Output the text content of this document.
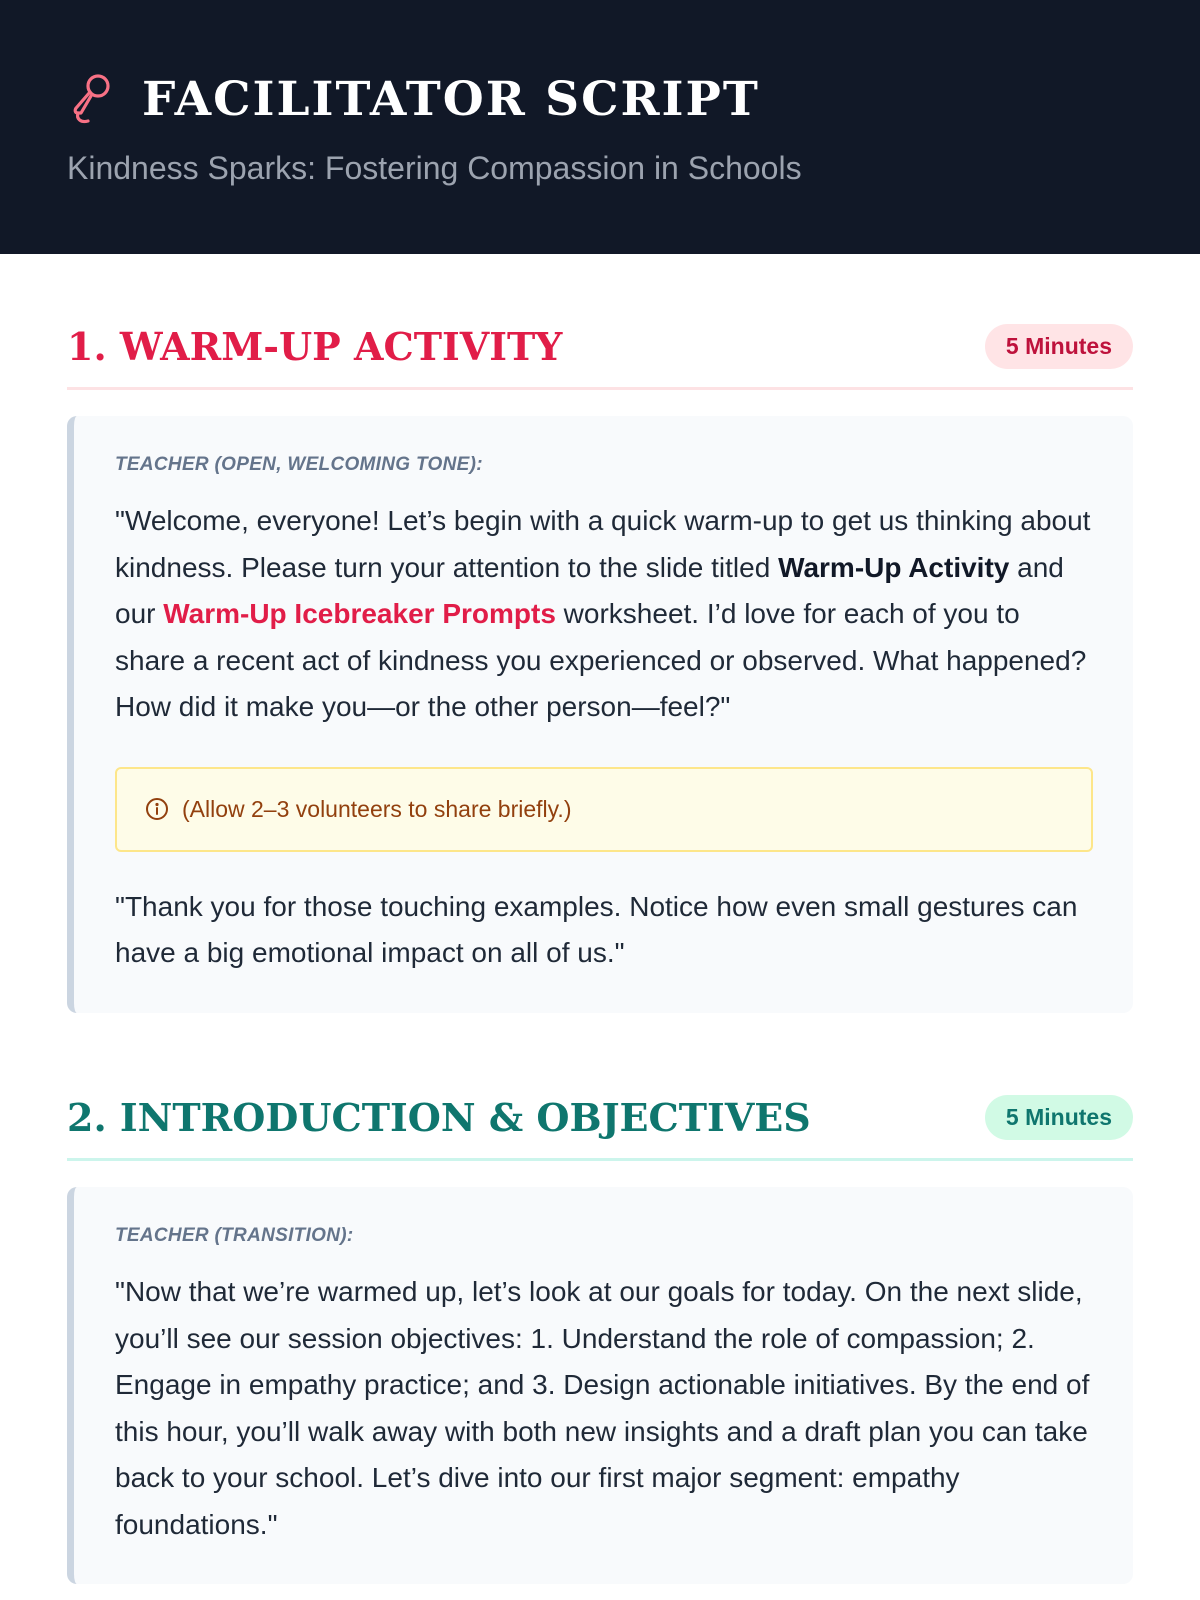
FACILITATOR SCRIPT
Kindness Sparks: Fostering Compassion in Schools
1. WARM-UP ACTIVITY	5 Minutes
TEACHER (OPEN, WELCOMING TONE):

"Welcome, everyone! Let’s begin with a quick warm-up to get us thinking about kindness. Please turn your attention to the slide titled Warm-Up Activity and our Warm-Up Icebreaker Prompts worksheet. I’d love for each of you to share a recent act of kindness you experienced or observed. What happened? How did it make you—or the other person—feel?"

(Allow 2–3 volunteers to share briefly.)

"Thank you for those touching examples. Notice how even small gestures can have a big emotional impact on all of us."

2. INTRODUCTION & OBJECTIVES	5 Minutes
TEACHER (TRANSITION):

"Now that we’re warmed up, let’s look at our goals for today. On the next slide, you’ll see our session objectives: 1. Understand the role of compassion; 2. Engage in empathy practice; and 3. Design actionable initiatives. By the end of this hour, you’ll walk away with both new insights and a draft plan you can take back to your school. Let’s dive into our first major segment: empathy foundations."
